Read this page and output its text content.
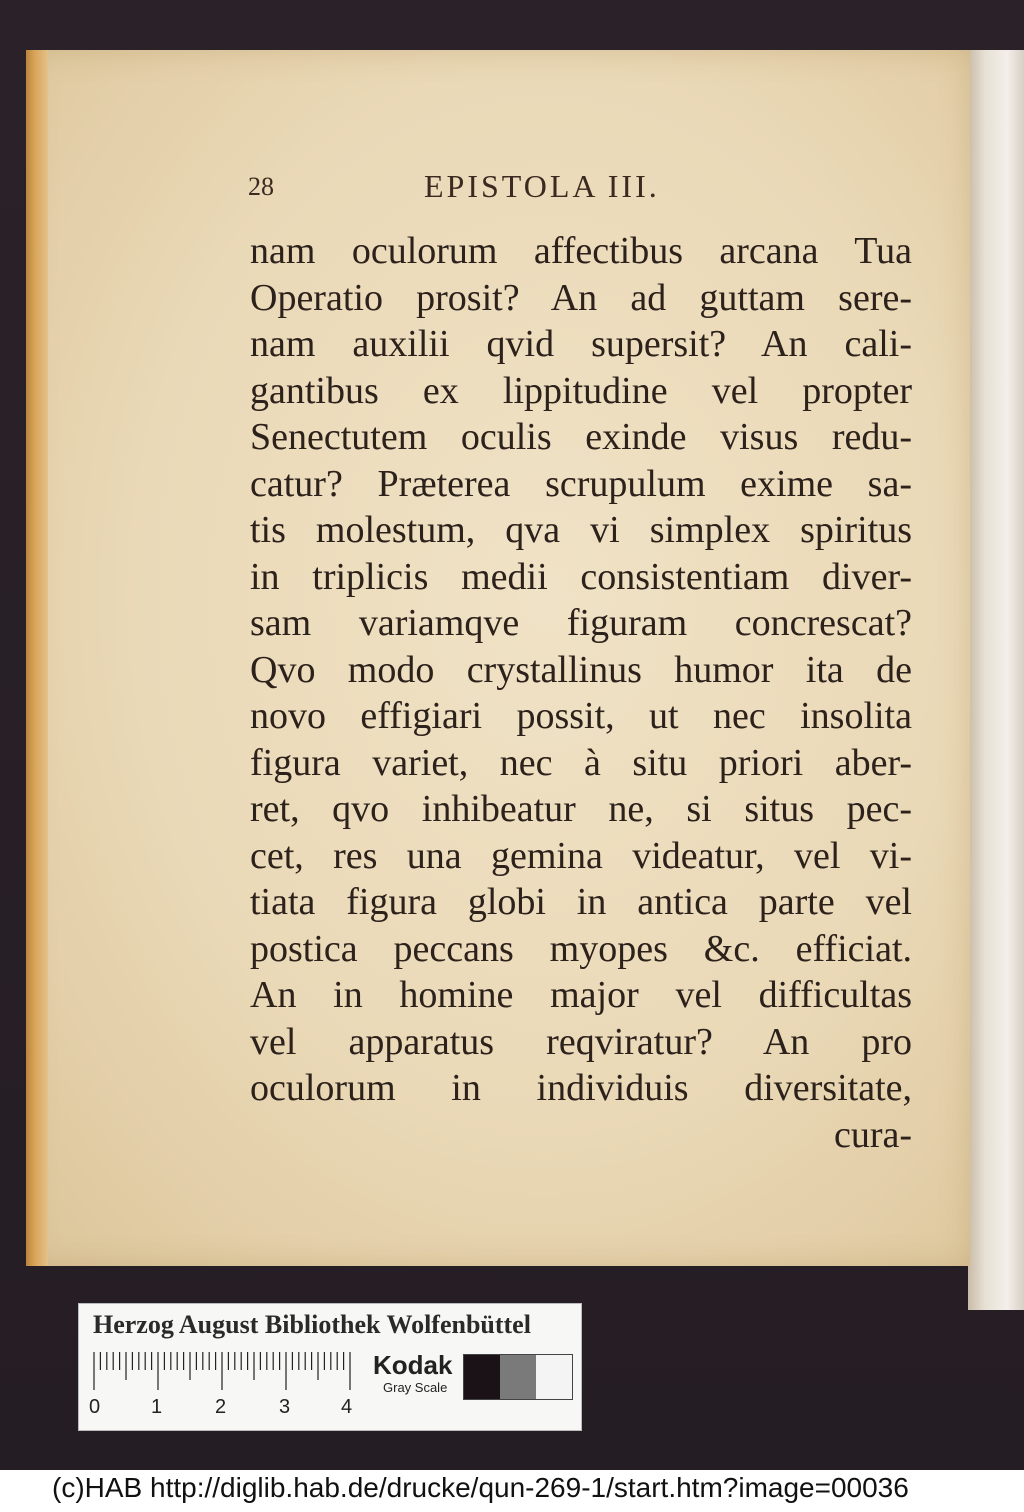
28	EPISTOLA III.
nam oculorum affectibus arcana Tua
Operatio prosit? An ad guttam sere-
nam auxilii qvid supersit? An cali-
gantibus ex lippitudine vel propter
Senectutem oculis exinde visus redu-
catur? Præterea scrupulum exime sa-
tis molestum, qva vi simplex spiritus
in triplicis medii consistentiam diver-
sam variamqve figuram concrescat?
Qvo modo crystallinus humor ita de
novo effigiari possit, ut nec insolita
figura variet, nec à situ priori aber-
ret, qvo inhibeatur ne, si situs pec-
cet, res una gemina videatur, vel vi-
tiata figura globi in antica parte vel
postica peccans myopes &c. efficiat.
An in homine major vel difficultas
vel apparatus reqviratur? An pro
oculorum in individuis diversitate,
cura-
Herzog August Bibliothek Wolfenbüttel
0	1	2	3	4
Kodak
Gray Scale
(c)HAB http://diglib.hab.de/drucke/qun-269-1/start.htm?image=00036
